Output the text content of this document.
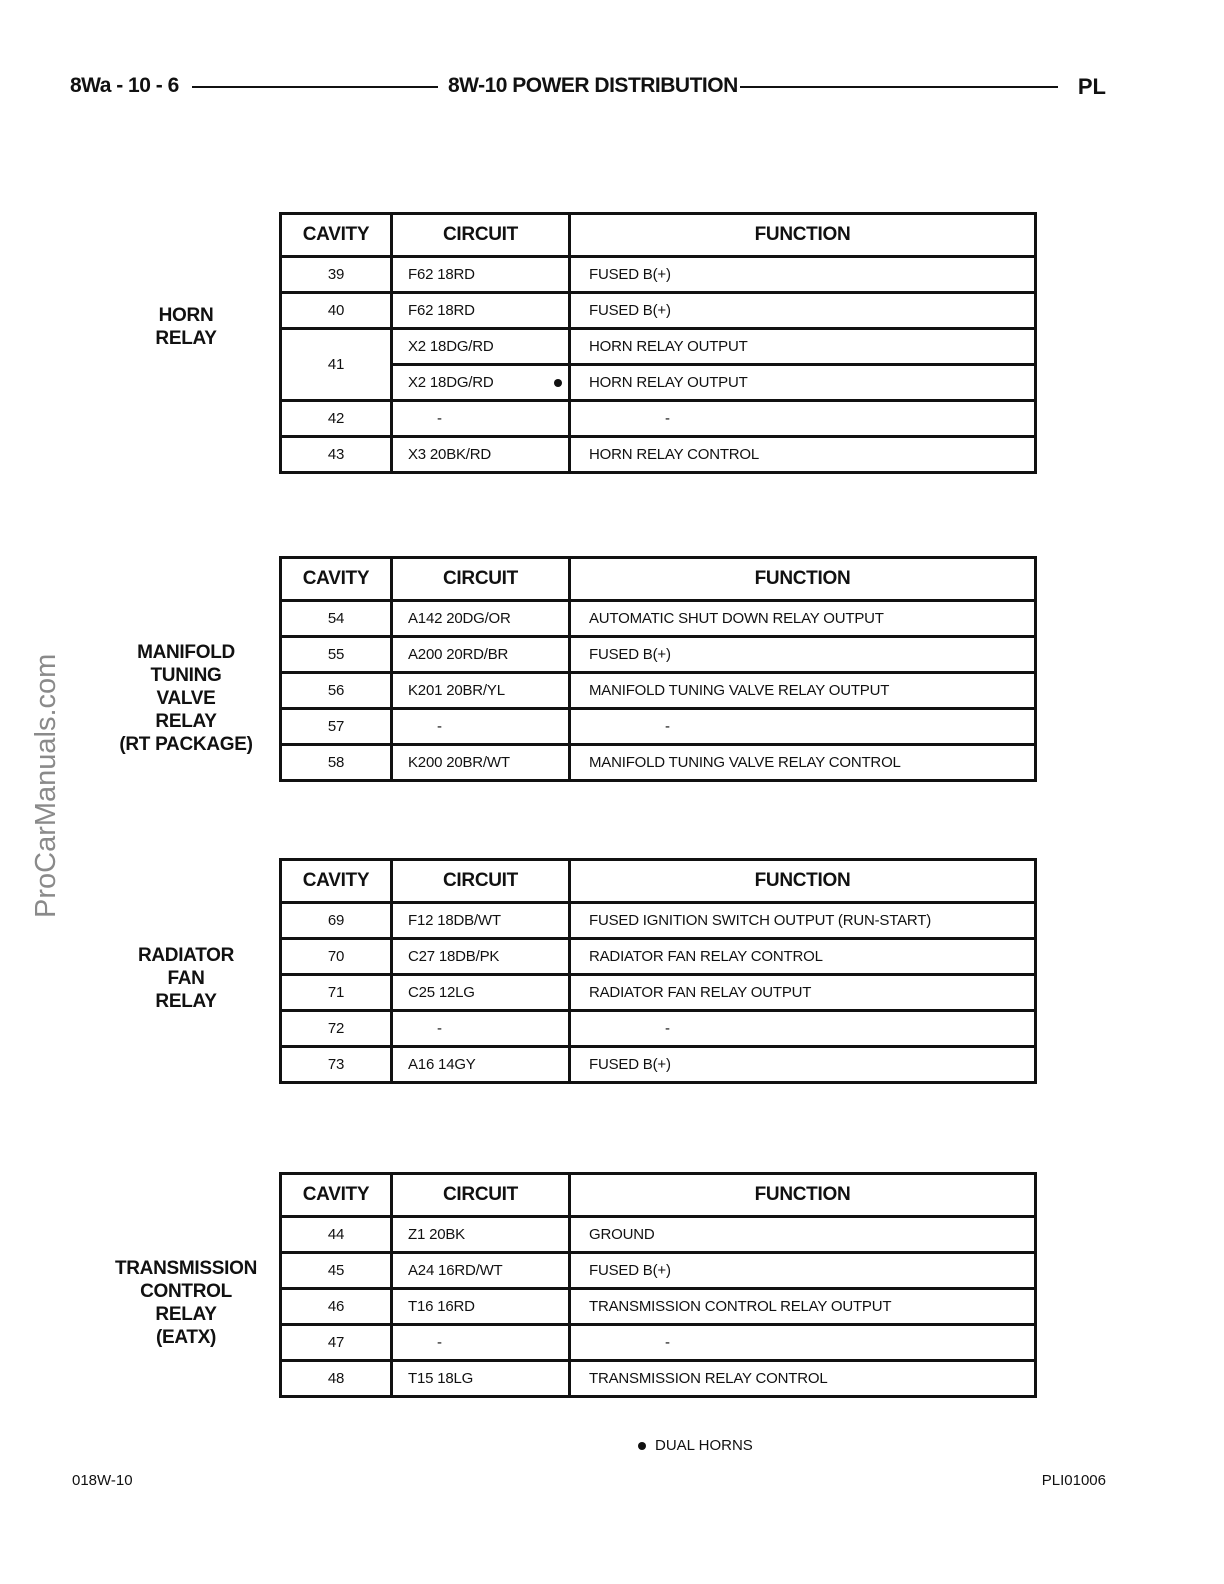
8Wa - 10 - 6	8W-10 POWER DISTRIBUTION	PL
ProCarManuals.com
HORN
RELAY
CAVITY	CIRCUIT	FUNCTION
39	F62 18RD	FUSED B(+)
40	F62 18RD	FUSED B(+)
41	X2 18DG/RD	HORN RELAY OUTPUT
	X2 18DG/RD	HORN RELAY OUTPUT
42	-	-
43	X3 20BK/RD	HORN RELAY CONTROL
MANIFOLD
TUNING
VALVE
RELAY
(RT PACKAGE)
CAVITY	CIRCUIT	FUNCTION
54	A142 20DG/OR	AUTOMATIC SHUT DOWN RELAY OUTPUT
55	A200 20RD/BR	FUSED B(+)
56	K201 20BR/YL	MANIFOLD TUNING VALVE RELAY OUTPUT
57	-	-
58	K200 20BR/WT	MANIFOLD TUNING VALVE RELAY CONTROL
RADIATOR
FAN
RELAY
CAVITY	CIRCUIT	FUNCTION
69	F12 18DB/WT	FUSED IGNITION SWITCH OUTPUT (RUN-START)
70	C27 18DB/PK	RADIATOR FAN RELAY CONTROL
71	C25 12LG	RADIATOR FAN RELAY OUTPUT
72	-	-
73	A16 14GY	FUSED B(+)
TRANSMISSION
CONTROL
RELAY
(EATX)
CAVITY	CIRCUIT	FUNCTION
44	Z1 20BK	GROUND
45	A24 16RD/WT	FUSED B(+)
46	T16 16RD	TRANSMISSION CONTROL RELAY OUTPUT
47	-	-
48	T15 18LG	TRANSMISSION RELAY CONTROL
DUAL HORNS
018W-10	PLI01006
